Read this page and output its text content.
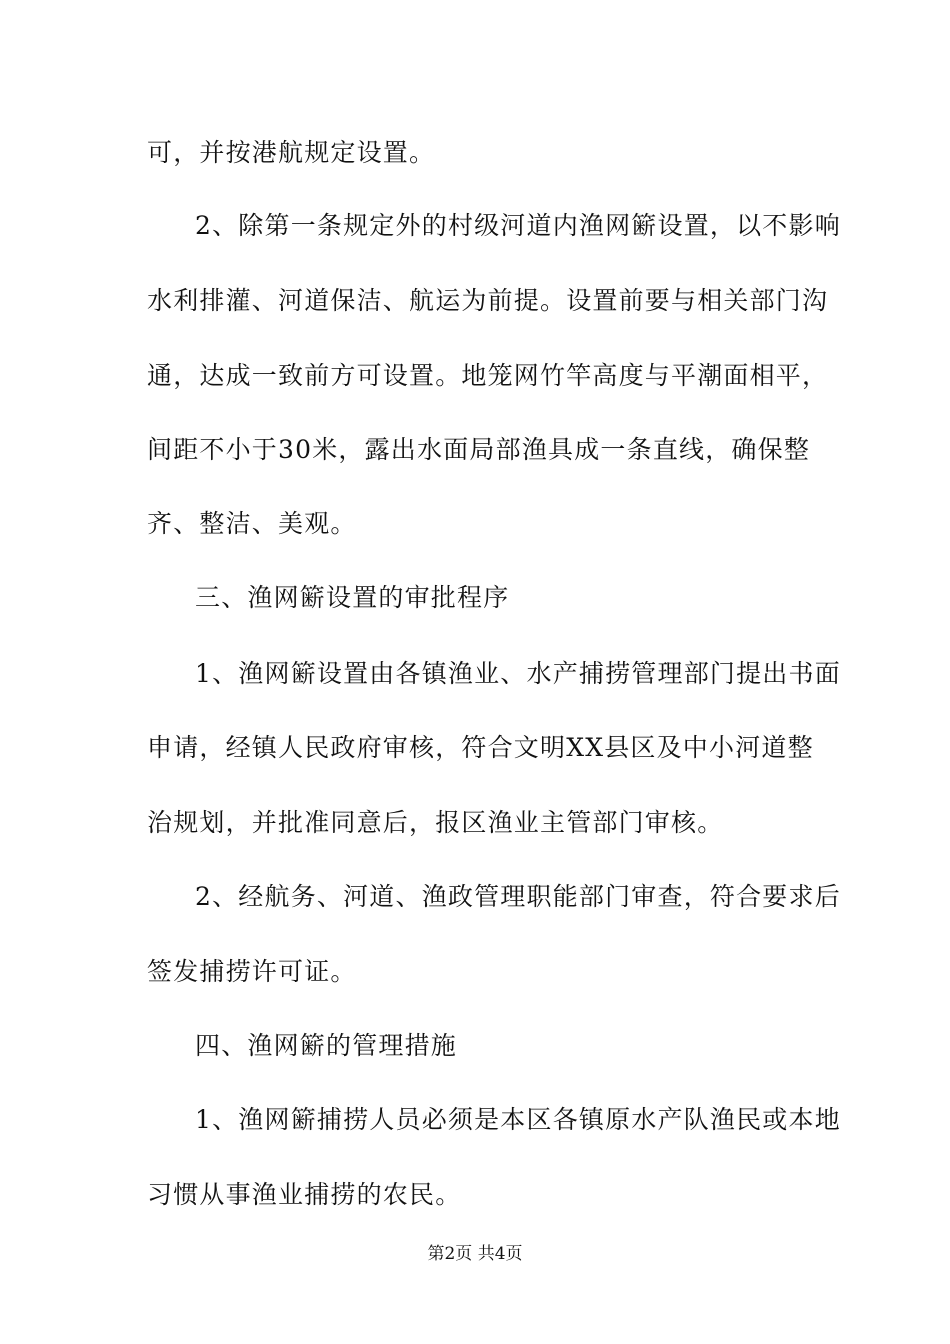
可，并按港航规定设置。
2、除第一条规定外的村级河道内渔网簖设置，以不影响
水利排灌、河道保洁、航运为前提。设置前要与相关部门沟
通，达成一致前方可设置。地笼网竹竿高度与平潮面相平，
间距不小于30米，露出水面局部渔具成一条直线，确保整
齐、整洁、美观。
三、渔网簖设置的审批程序
1、渔网簖设置由各镇渔业、水产捕捞管理部门提出书面
申请，经镇人民政府审核，符合文明XX县区及中小河道整
治规划，并批准同意后，报区渔业主管部门审核。
2、经航务、河道、渔政管理职能部门审查，符合要求后
签发捕捞许可证。
四、渔网簖的管理措施
1、渔网簖捕捞人员必须是本区各镇原水产队渔民或本地
习惯从事渔业捕捞的农民。
第2页 共4页
